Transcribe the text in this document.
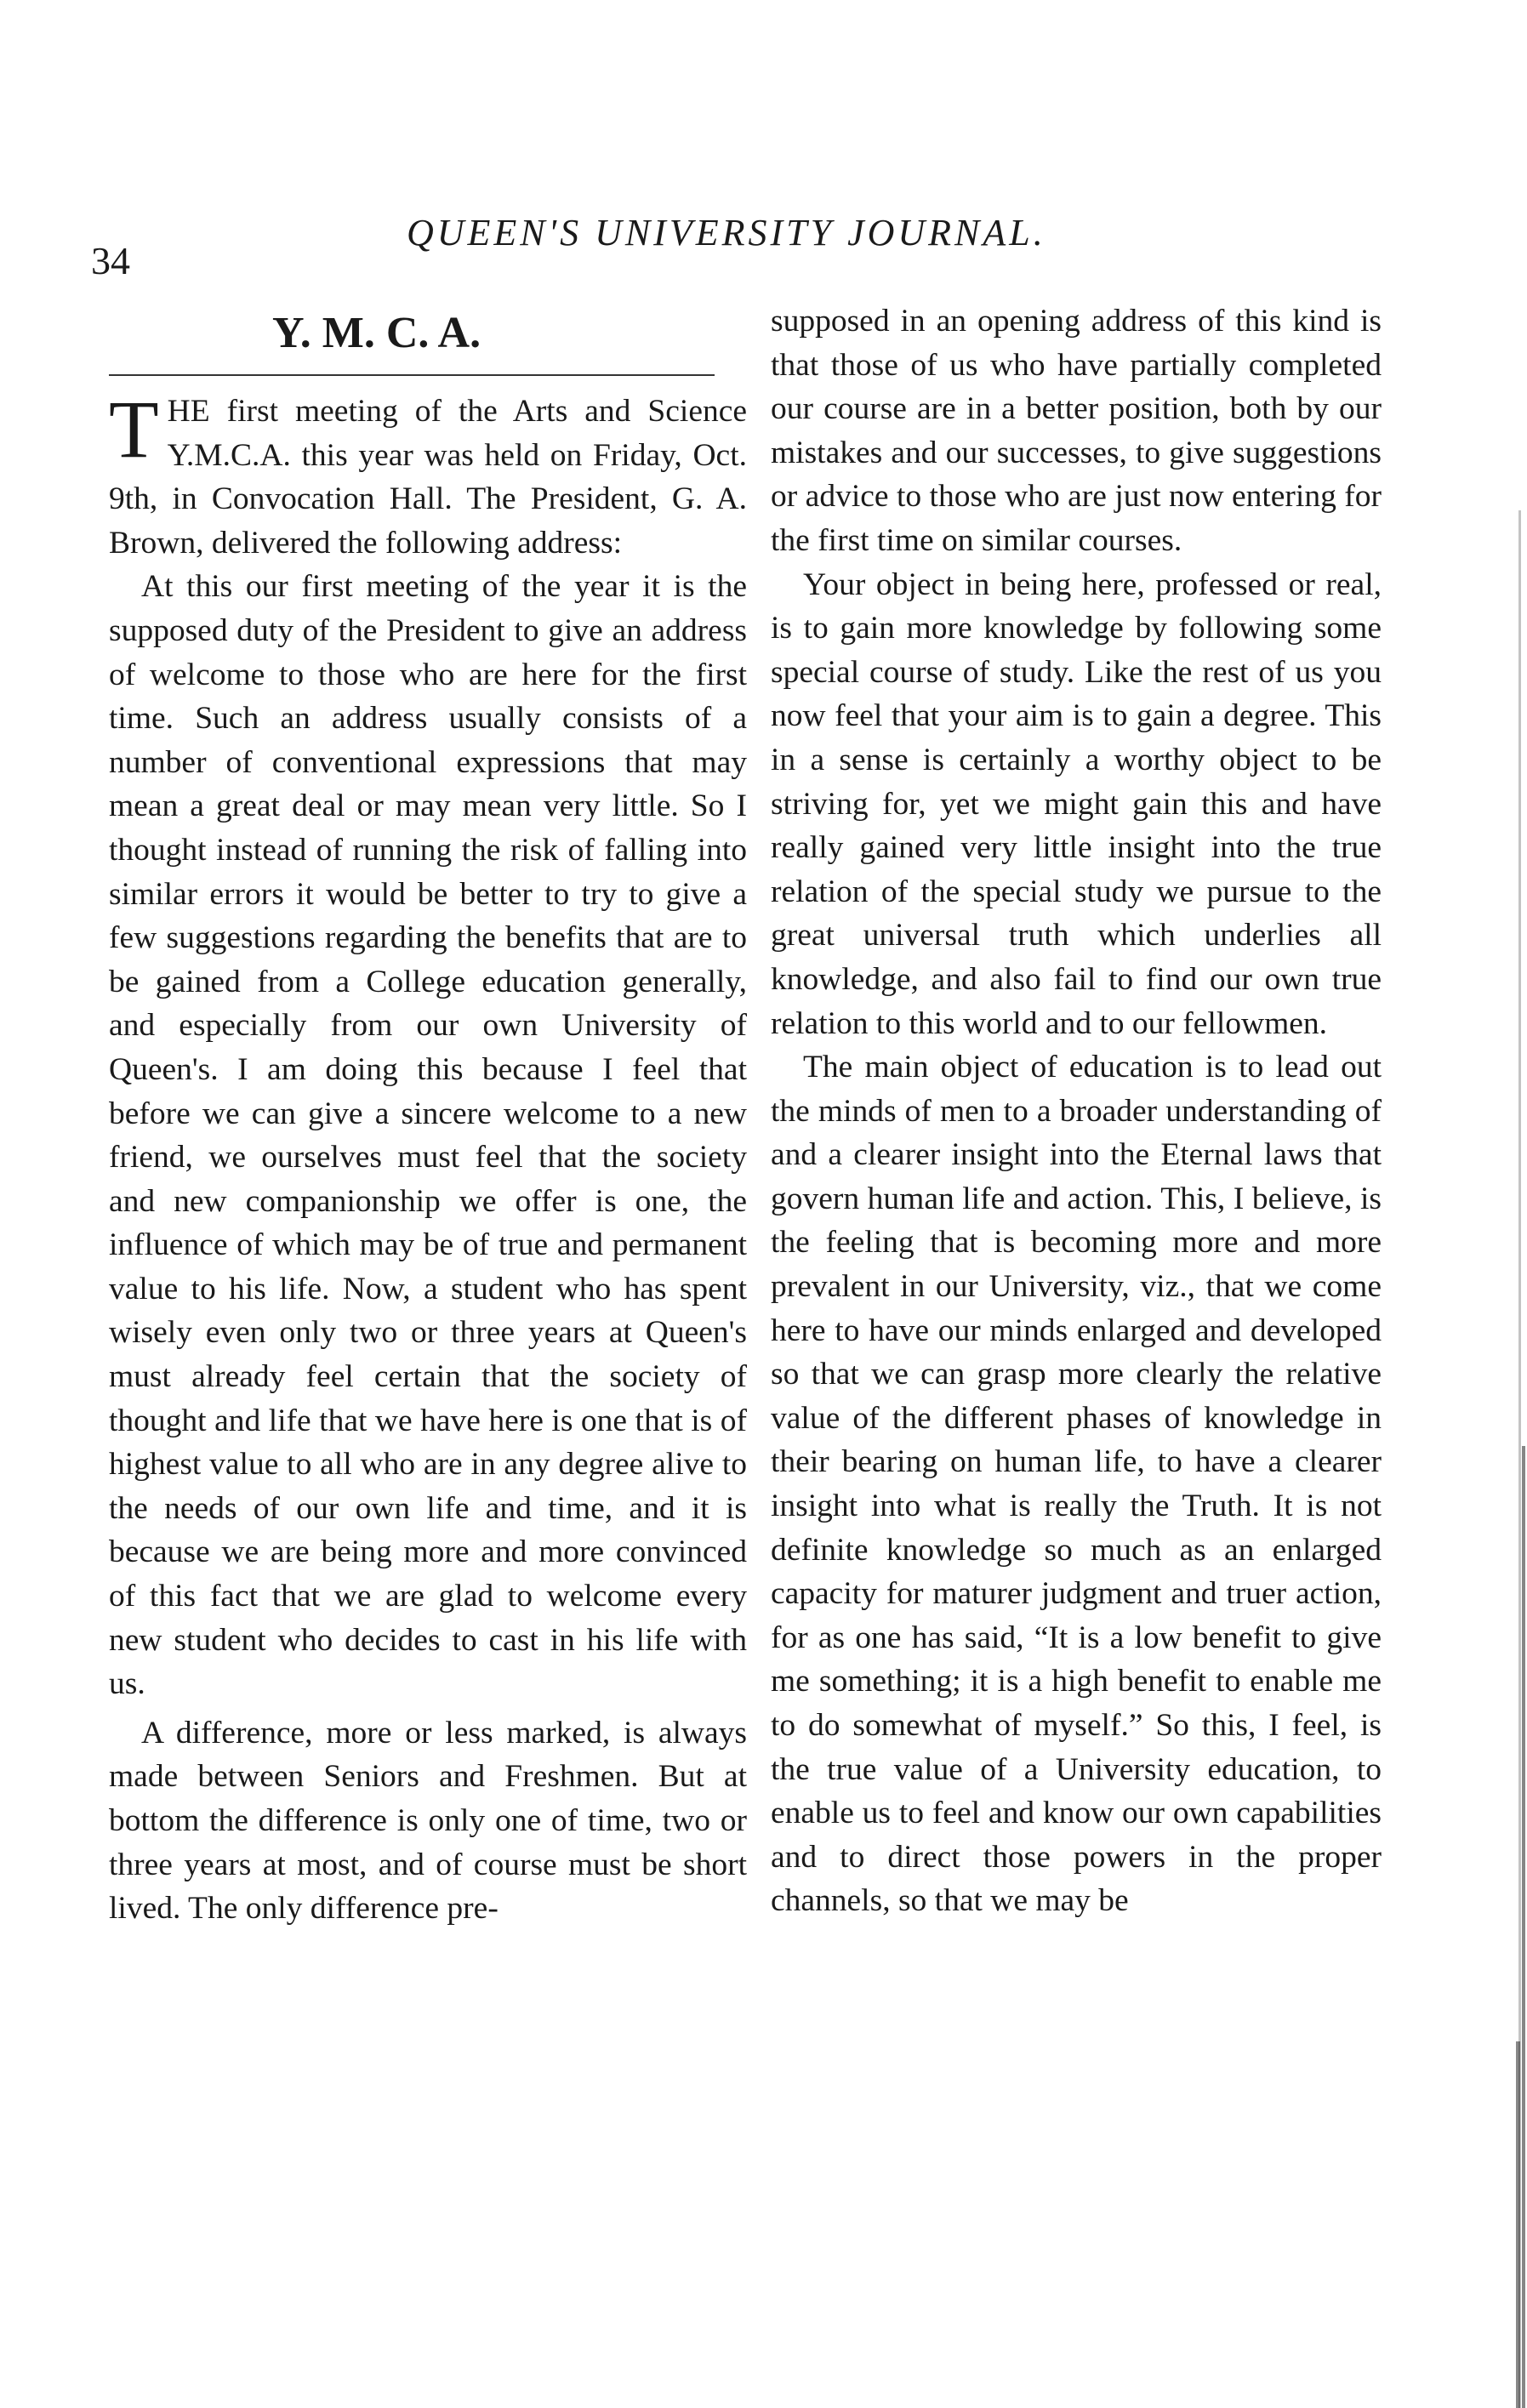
34
QUEEN'S UNIVERSITY JOURNAL.
Y. M. C. A.

THE first meeting of the Arts and Science Y.M.C.A. this year was held on Friday, Oct. 9th, in Convocation Hall. The President, G. A. Brown, delivered the following address:

At this our first meeting of the year it is the supposed duty of the President to give an address of welcome to those who are here for the first time. Such an address usually consists of a number of conventional expressions that may mean a great deal or may mean very little. So I thought instead of running the risk of falling into similar errors it would be better to try to give a few suggestions regarding the benefits that are to be gained from a College education generally, and especially from our own University of Queen's. I am doing this because I feel that before we can give a sincere welcome to a new friend, we ourselves must feel that the society and new companionship we offer is one, the influence of which may be of true and permanent value to his life. Now, a student who has spent wisely even only two or three years at Queen's must already feel certain that the society of thought and life that we have here is one that is of highest value to all who are in any degree alive to the needs of our own life and time, and it is because we are being more and more convinced of this fact that we are glad to welcome every new student who decides to cast in his life with us.

A difference, more or less marked, is always made between Seniors and Freshmen. But at bottom the difference is only one of time, two or three years at most, and of course must be short lived. The only difference pre-

supposed in an opening address of this kind is that those of us who have partially completed our course are in a better position, both by our mistakes and our successes, to give suggestions or advice to those who are just now entering for the first time on similar courses.

Your object in being here, professed or real, is to gain more knowledge by following some special course of study. Like the rest of us you now feel that your aim is to gain a degree. This in a sense is certainly a worthy object to be striving for, yet we might gain this and have really gained very little insight into the true relation of the special study we pursue to the great universal truth which underlies all knowledge, and also fail to find our own true relation to this world and to our fellowmen.

The main object of education is to lead out the minds of men to a broader understanding of and a clearer insight into the Eternal laws that govern human life and action. This, I believe, is the feeling that is becoming more and more prevalent in our University, viz., that we come here to have our minds enlarged and developed so that we can grasp more clearly the relative value of the different phases of knowledge in their bearing on human life, to have a clearer insight into what is really the Truth. It is not definite knowledge so much as an enlarged capacity for maturer judgment and truer action, for as one has said, “It is a low benefit to give me something; it is a high benefit to enable me to do somewhat of myself.” So this, I feel, is the true value of a University education, to enable us to feel and know our own capabilities and to direct those powers in the proper channels, so that we may be
